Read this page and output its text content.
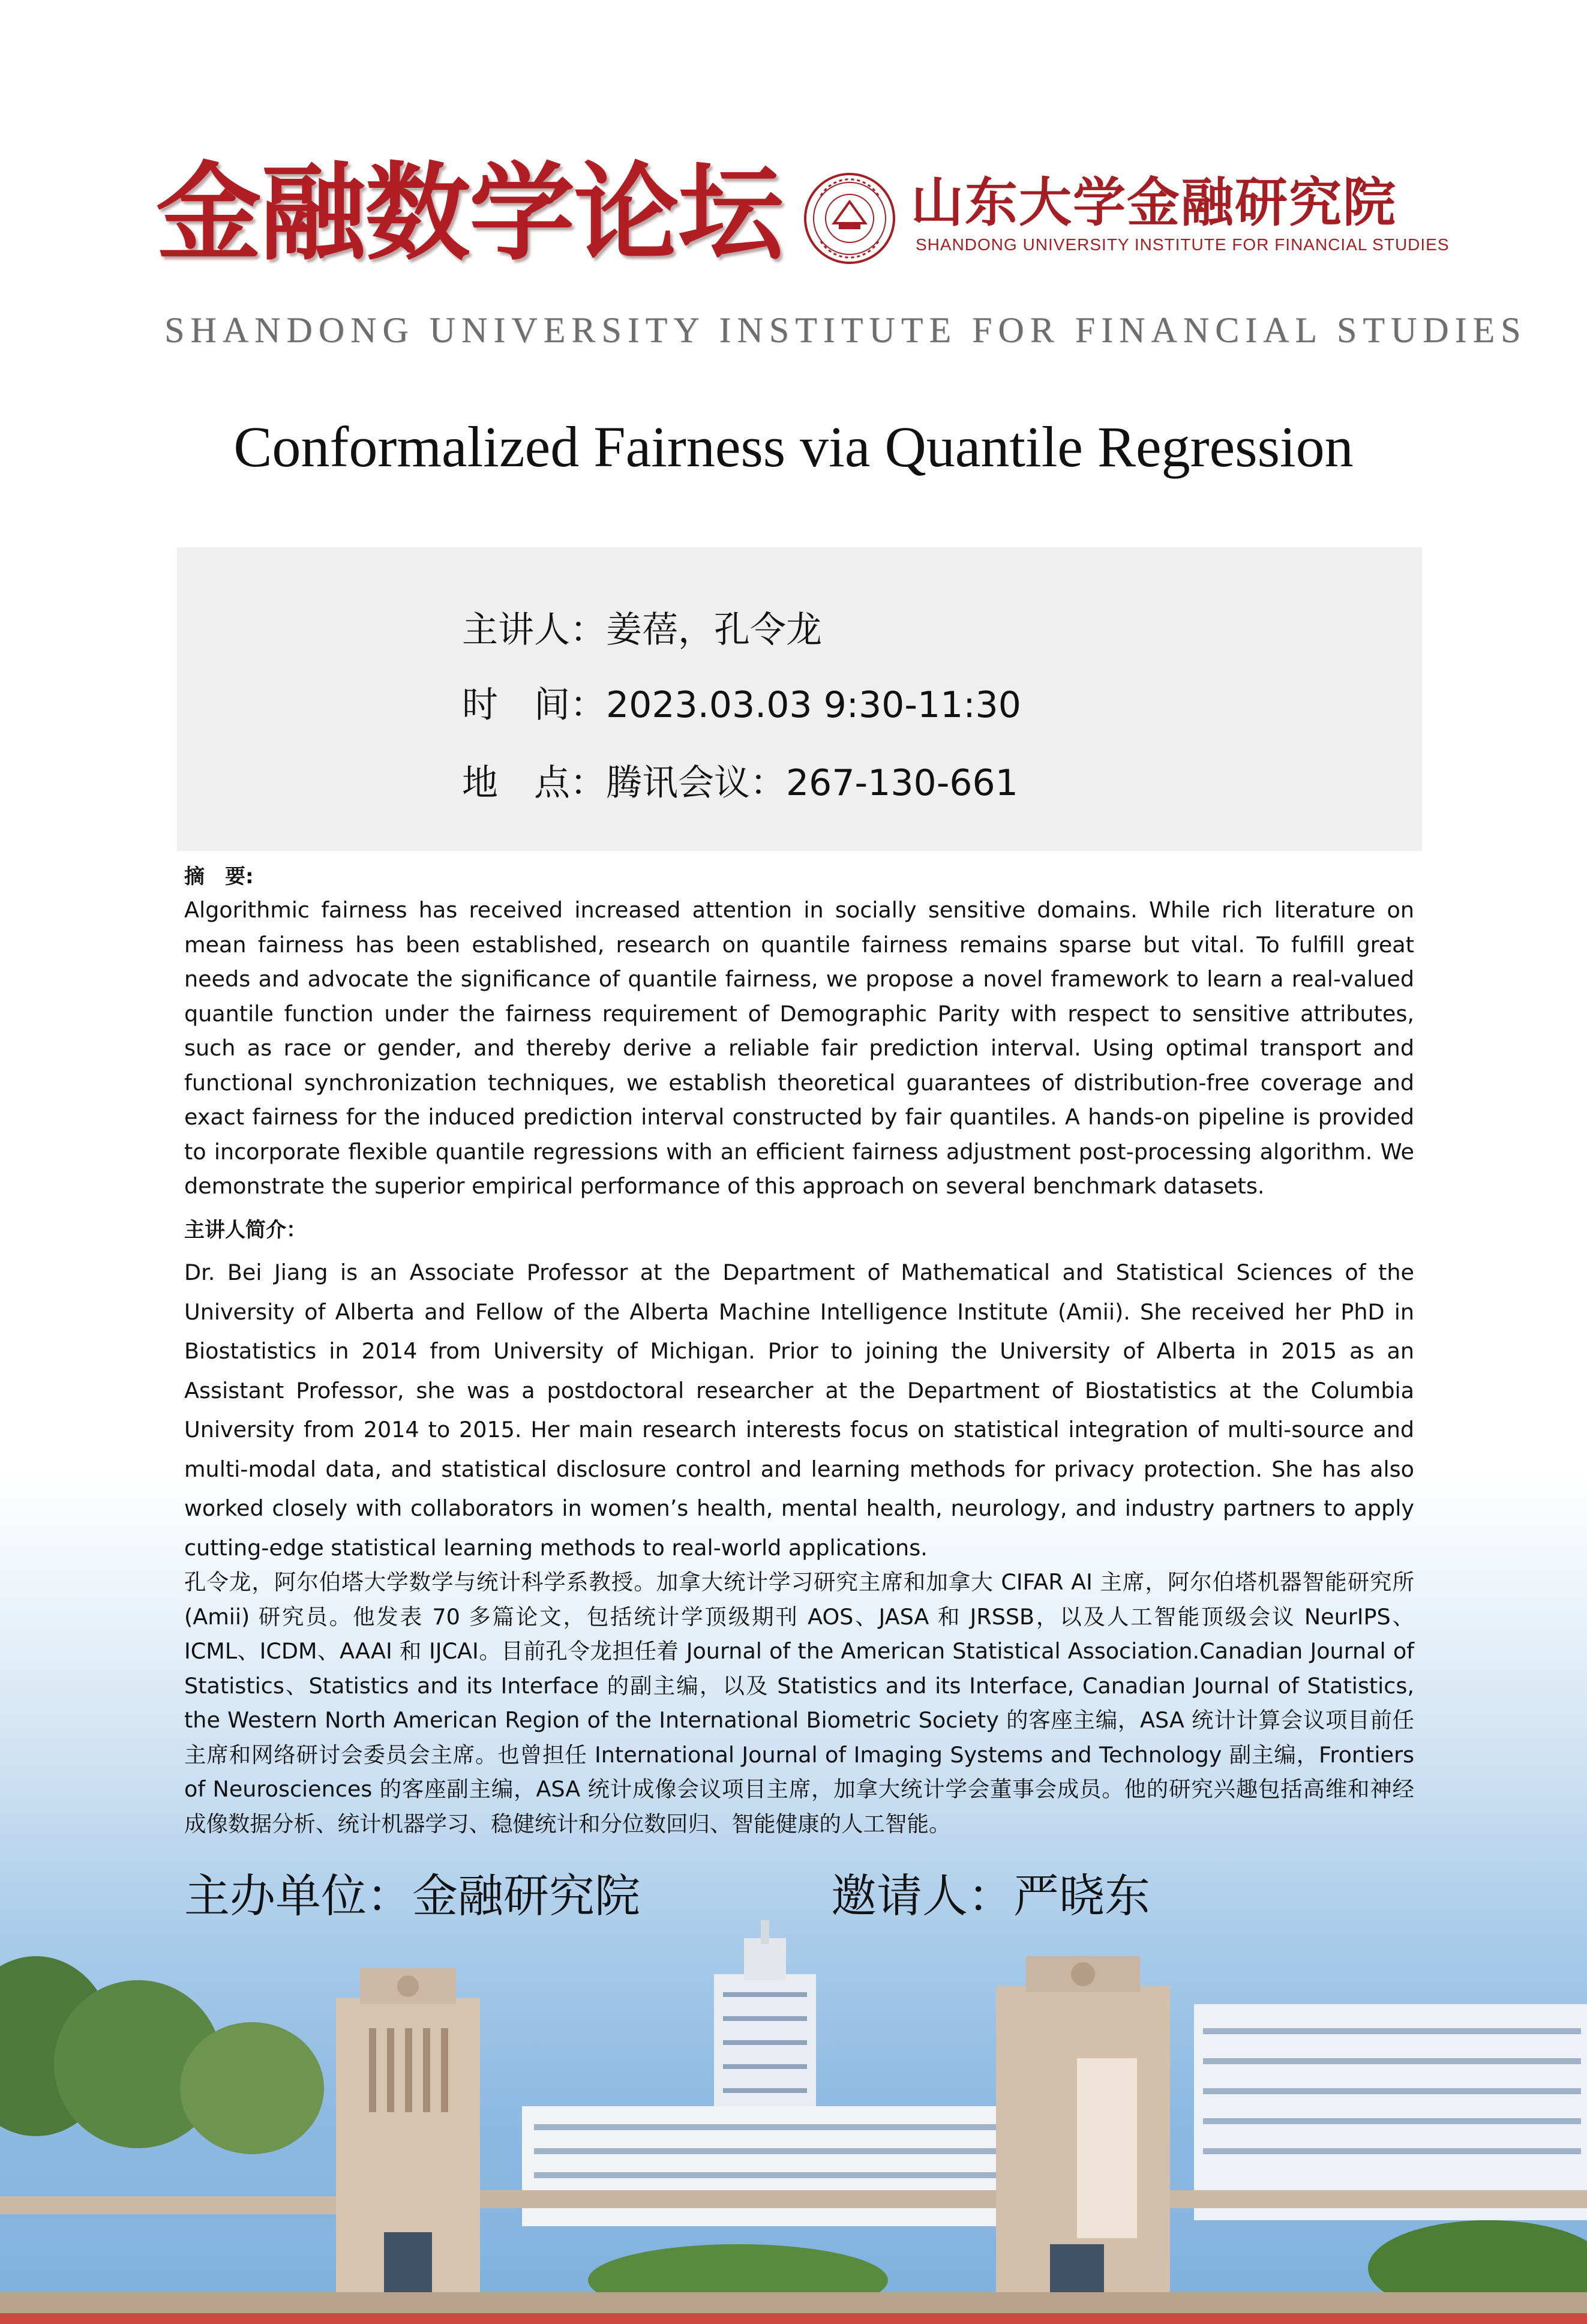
金融数学论坛 山东大学金融研究院
SHANDONG UNIVERSITY INSTITUTE FOR FINANCIAL STUDIES
SHANDONG UNIVERSITY INSTITUTE FOR FINANCIAL STUDIES
Conformalized Fairness via Quantile Regression
主讲人：姜蓓，孔令龙
时　间：2023.03.03 9:30-11:30
地　点：腾讯会议：267-130-661
摘　要:

Algorithmic fairness has received increased attention in socially sensitive domains. While rich literature on mean fairness has been established, research on quantile fairness remains sparse but vital. To fulfill great needs and advocate the significance of quantile fairness, we propose a novel framework to learn a real-valued quantile function under the fairness requirement of Demographic Parity with respect to sensitive attributes, such as race or gender, and thereby derive a reliable fair prediction interval. Using optimal transport and functional synchronization techniques, we establish theoretical guarantees of distribution-free coverage and exact fairness for the induced prediction interval constructed by fair quantiles. A hands-on pipeline is provided to incorporate flexible quantile regressions with an efficient fairness adjustment post-processing algorithm. We demonstrate the superior empirical performance of this approach on several benchmark datasets.

主讲人简介：

Dr. Bei Jiang is an Associate Professor at the Department of Mathematical and Statistical Sciences of the University of Alberta and Fellow of the Alberta Machine Intelligence Institute (Amii). She received her PhD in Biostatistics in 2014 from University of Michigan. Prior to joining the University of Alberta in 2015 as an Assistant Professor, she was a postdoctoral researcher at the Department of Biostatistics at the Columbia University from 2014 to 2015. Her main research interests focus on statistical integration of multi-source and multi-modal data, and statistical disclosure control and learning methods for privacy protection. She has also worked closely with collaborators in women’s health, mental health, neurology, and industry partners to apply cutting-edge statistical learning methods to real-world applications.

孔令龙，阿尔伯塔大学数学与统计科学系教授。加拿大统计学习研究主席和加拿大 CIFAR AI 主席，阿尔伯塔机器智能研究所 (Amii) 研究员。他发表 70 多篇论文，包括统计学顶级期刊 AOS、JASA 和 JRSSB，以及人工智能顶级会议 NeurIPS、ICML、ICDM、AAAI 和 IJCAI。目前孔令龙担任着 Journal of the American Statistical Association.Canadian Journal of Statistics、Statistics and its Interface 的副主编，以及 Statistics and its Interface, Canadian Journal of Statistics, the Western North American Region of the International Biometric Society 的客座主编，ASA 统计计算会议项目前任主席和网络研讨会委员会主席。也曾担任 International Journal of Imaging Systems and Technology 副主编，Frontiers of Neurosciences 的客座副主编，ASA 统计成像会议项目主席，加拿大统计学会董事会成员。他的研究兴趣包括高维和神经成像数据分析、统计机器学习、稳健统计和分位数回归、智能健康的人工智能。

主办单位：金融研究院	邀请人：严晓东
